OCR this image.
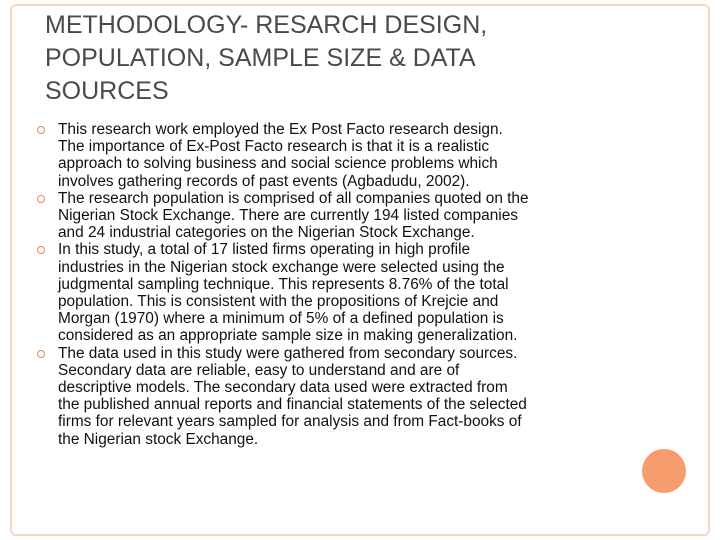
METHODOLOGY- RESARCH DESIGN,
POPULATION, SAMPLE SIZE & DATA
SOURCES
This research work employed the Ex Post Facto research design.
The importance of Ex-Post Facto research is that it is a realistic
approach to solving business and social science problems which
involves gathering records of past events (Agbadudu, 2002).
The research population is comprised of all companies quoted on the
Nigerian Stock Exchange. There are currently 194 listed companies
and 24 industrial categories on the Nigerian Stock Exchange.
In this study, a total of 17 listed firms operating in high profile
industries in the Nigerian stock exchange were selected using the
judgmental sampling technique. This represents 8.76% of the total
population. This is consistent with the propositions of Krejcie and
Morgan (1970) where a minimum of 5% of a defined population is
considered as an appropriate sample size in making generalization.
The data used in this study were gathered from secondary sources.
Secondary data are reliable, easy to understand and are of
descriptive models. The secondary data used were extracted from
the published annual reports and financial statements of the selected
firms for relevant years sampled for analysis and from Fact-books of
the Nigerian stock Exchange.
